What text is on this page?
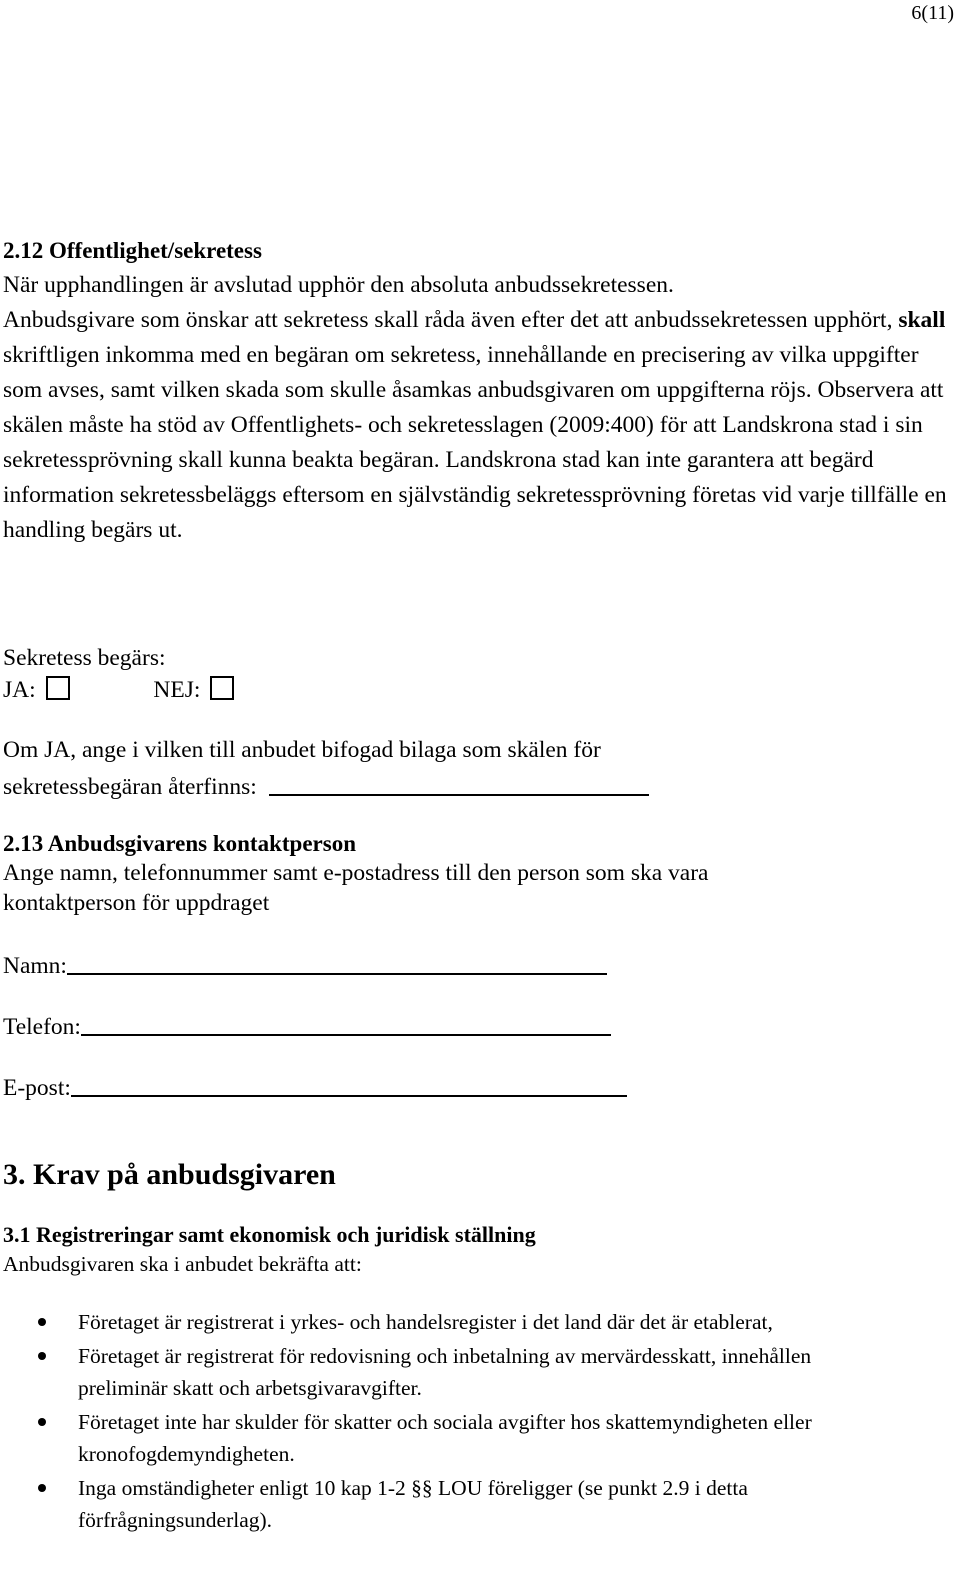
6(11)
2.12 Offentlighet/sekretess
När upphandlingen är avslutad upphör den absoluta anbudssekretessen.
Anbudsgivare som önskar att sekretess skall råda även efter det att anbudssekretessen upphört, skall skriftligen inkomma med en begäran om sekretess, innehållande en precisering av vilka uppgifter som avses, samt vilken skada som skulle åsamkas anbudsgivaren om uppgifterna röjs. Observera att skälen måste ha stöd av Offentlighets- och sekretesslagen (2009:400) för att Landskrona stad i sin sekretessprövning skall kunna beakta begäran. Landskrona stad kan inte garantera att begärd information sekretessbeläggs eftersom en självständig sekretessprövning företas vid varje tillfälle en handling begärs ut.
Sekretess begärs:
JA:	NEJ:
Om JA, ange i vilken till anbudet bifogad bilaga som skälen för
sekretessbegäran återfinns:
2.13 Anbudsgivarens kontaktperson
Ange namn, telefonnummer samt e-postadress till den person som ska vara kontaktperson för uppdraget
Namn:
Telefon:
E-post:
3. Krav på anbudsgivaren
3.1 Registreringar samt ekonomisk och juridisk ställning
Anbudsgivaren ska i anbudet bekräfta att:
Företaget är registrerat i yrkes- och handelsregister i det land där det är etablerat,
Företaget är registrerat för redovisning och inbetalning av mervärdesskatt, innehållen preliminär skatt och arbetsgivaravgifter.
Företaget inte har skulder för skatter och sociala avgifter hos skattemyndigheten eller kronofogdemyndigheten.
Inga omständigheter enligt 10 kap 1-2 §§ LOU föreligger (se punkt 2.9 i detta förfrågningsunderlag).
